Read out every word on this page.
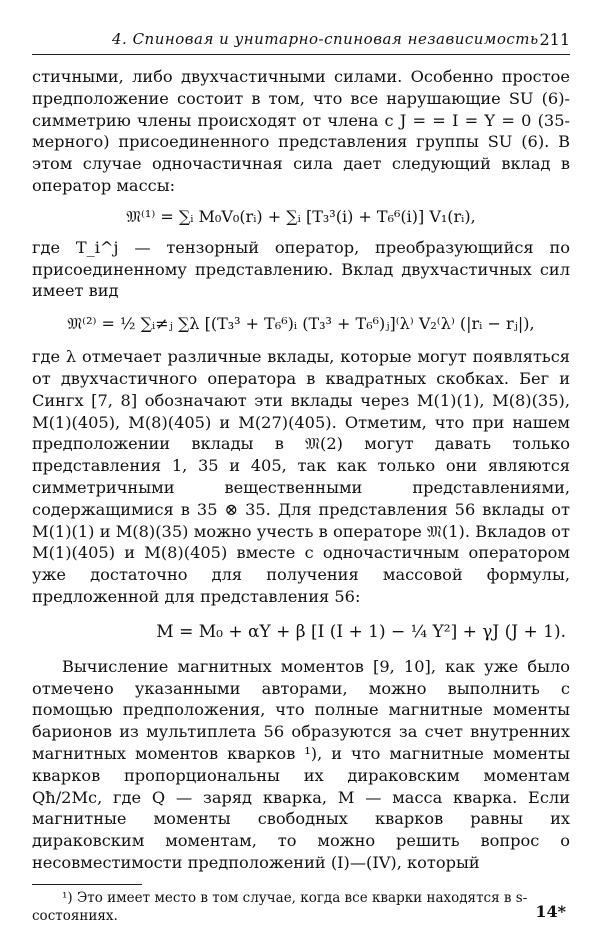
4. Спиновая и унитарно-спиновая независимость 211

стичными, либо двухчастичными силами. Особенно простое предположение состоит в том, что все нарушающие SU (6)-симметрию члены происходят от члена с J = = I = Y = 0 (35-мерного) присоединенного представления группы SU (6). В этом случае одночастичная сила дает следующий вклад в оператор массы:

𝔐⁽¹⁾ = ∑ᵢ M₀V₀(rᵢ) + ∑ᵢ [T₃³(i) + T₆⁶(i)] V₁(rᵢ),

где T_i^j — тензорный оператор, преобразующийся по присоединенному представлению. Вклад двухчастичных сил имеет вид

𝔐⁽²⁾ = ½ ∑ᵢ≠ⱼ ∑λ [(T₃³ + T₆⁶)ᵢ (T₃³ + T₆⁶)ⱼ]⁽λ⁾ V₂⁽λ⁾ (|rᵢ − rⱼ|),

где λ отмечает различные вклады, которые могут появляться от двухчастичного оператора в квадратных скобках. Бег и Сингх [7, 8] обозначают эти вклады через M(1)(1), M(8)(35), M(1)(405), M(8)(405) и M(27)(405). Отметим, что при нашем предположении вклады в 𝔐(2) могут давать только представления 1, 35 и 405, так как только они являются симметричными вещественными представлениями, содержащимися в 35 ⊗ 35. Для представления 56 вклады от M(1)(1) и M(8)(35) можно учесть в операторе 𝔐(1). Вкладов от M(1)(405) и M(8)(405) вместе с одночастичным оператором уже достаточно для получения массовой формулы, предложенной для представления 56:

M = M₀ + αY + β [I (I + 1) − ¼ Y²] + γJ (J + 1).

Вычисление магнитных моментов [9, 10], как уже было отмечено указанными авторами, можно выполнить с помощью предположения, что полные магнитные моменты барионов из мультиплета 56 образуются за счет внутренних магнитных моментов кварков ¹), и что магнитные моменты кварков пропорциональны их дираковским моментам Qħ/2Mc, где Q — заряд кварка, M — масса кварка. Если магнитные моменты свободных кварков равны их дираковским моментам, то можно решить вопрос о несовместимости предположений (I)—(IV), который

¹) Это имеет место в том случае, когда все кварки находятся в s-состояниях.	14*
